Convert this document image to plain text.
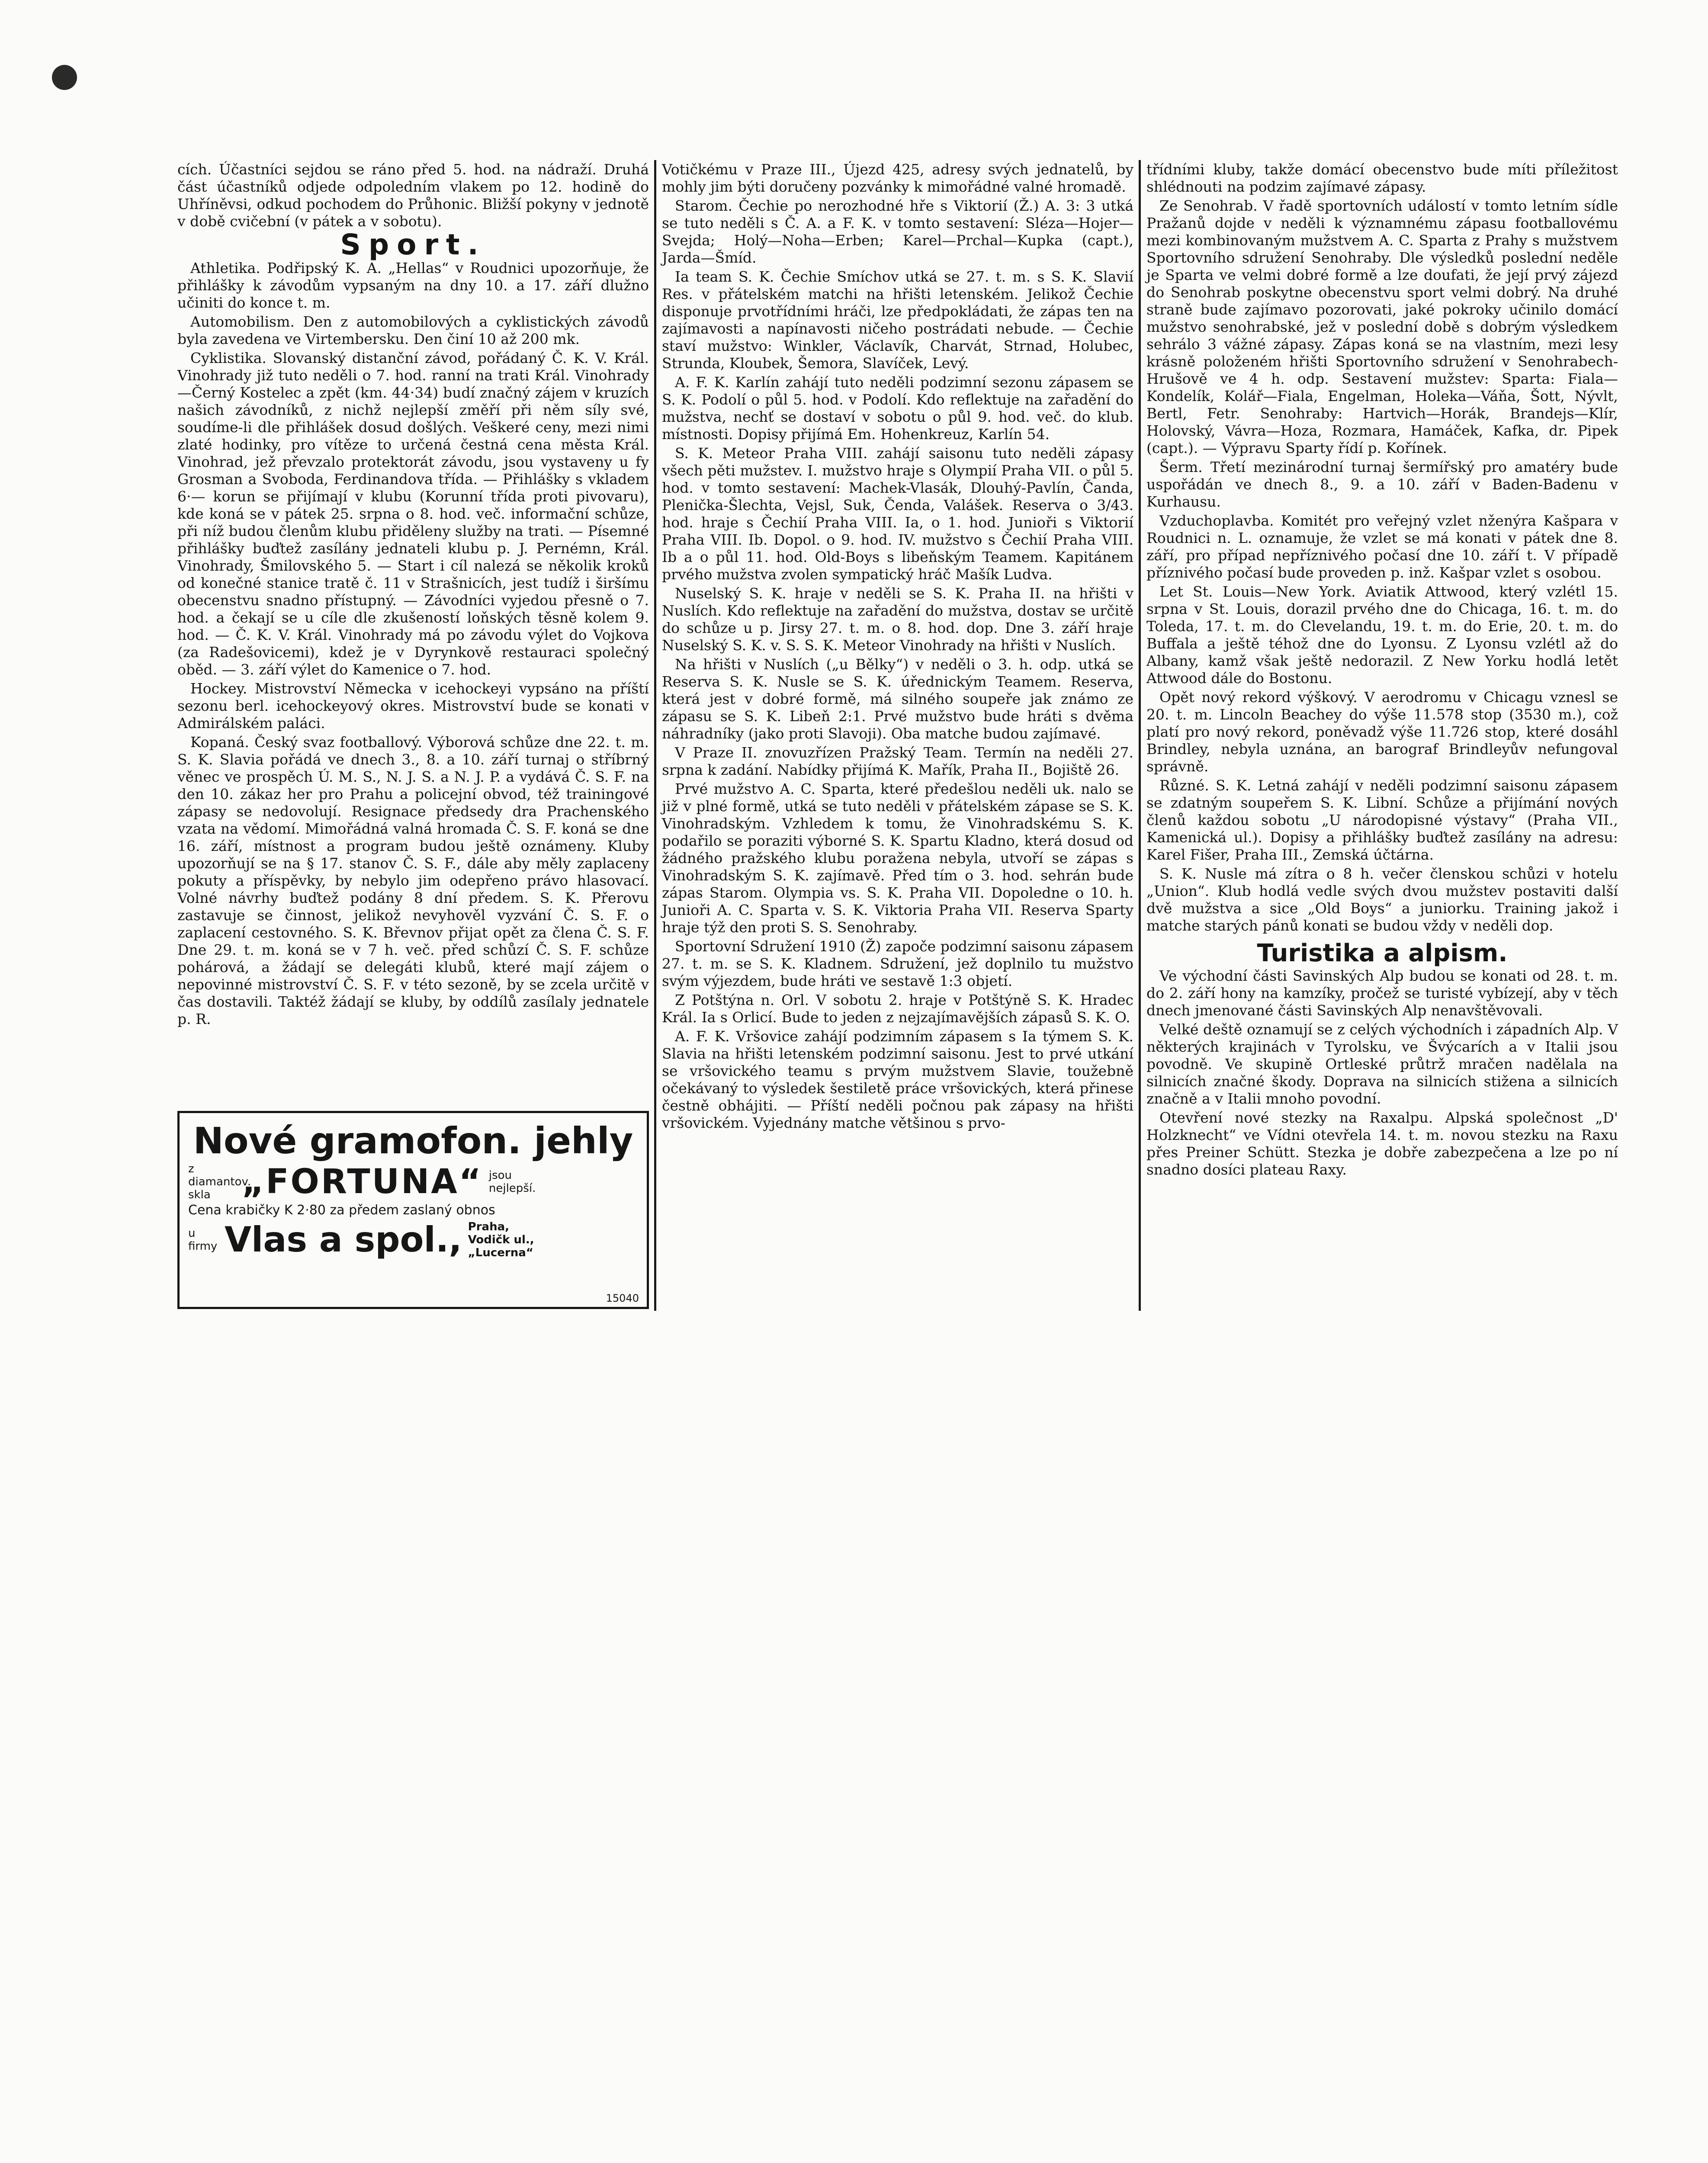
cích. Účastníci sejdou se ráno před 5. hod. na nádraží. Druhá část účastníků odjede odpoledním vlakem po 12. hodině do Uhříněvsi, odkud pochodem do Průhonic. Bližší pokyny v jednotě v době cvičební (v pátek a v sobotu).

Sport.

Athletika. Podřipský K. A. „Hellas“ v Roudnici upozorňuje, že přihlášky k závodům vypsaným na dny 10. a 17. září dlužno učiniti do konce t. m.

Automobilism. Den z automobilových a cyklistických závodů byla zavedena ve Virtembersku. Den činí 10 až 200 mk.

Cyklistika. Slovanský distanční závod, pořádaný Č. K. V. Král. Vinohrady již tuto neděli o 7. hod. ranní na trati Král. Vinohrady—Černý Kostelec a zpět (km. 44·34) budí značný zájem v kruzích našich závodníků, z nichž nejlepší změří při něm síly své, soudíme-li dle přihlášek dosud došlých. Veškeré ceny, mezi nimi zlaté hodinky, pro vítěze to určená čestná cena města Král. Vinohrad, jež převzalo protektorát závodu, jsou vystaveny u fy Grosman a Svoboda, Ferdinandova třída. — Přihlášky s vkladem 6·— korun se přijímají v klubu (Korunní třída proti pivovaru), kde koná se v pátek 25. srpna o 8. hod. več. informační schůze, při níž budou členům klubu přiděleny služby na trati. — Písemné přihlášky buďtež zasílány jednateli klubu p. J. Pernémn, Král. Vinohrady, Šmilovského 5. — Start i cíl nalezá se několik kroků od konečné stanice tratě č. 11 v Strašnicích, jest tudíž i širšímu obecenstvu snadno přístupný. — Závodníci vyjedou přesně o 7. hod. a čekají se u cíle dle zkušeností loňských těsně kolem 9. hod. — Č. K. V. Král. Vinohrady má po závodu výlet do Vojkova (za Radešovicemi), kdež je v Dyrynkově restauraci společný oběd. — 3. září výlet do Kamenice o 7. hod.

Hockey. Mistrovství Německa v icehockeyi vypsáno na příští sezonu berl. icehockeyový okres. Mistrovství bude se konati v Admirálském paláci.

Kopaná. Český svaz footballový. Výborová schůze dne 22. t. m. S. K. Slavia pořádá ve dnech 3., 8. a 10. září turnaj o stříbrný věnec ve prospěch Ú. M. S., N. J. S. a N. J. P. a vydává Č. S. F. na den 10. zákaz her pro Prahu a policejní obvod, též trainingové zápasy se nedovolují. Resignace předsedy dra Prachenského vzata na vědomí. Mimořádná valná hromada Č. S. F. koná se dne 16. září, místnost a program budou ještě oznámeny. Kluby upozorňují se na § 17. stanov Č. S. F., dále aby měly zaplaceny pokuty a příspěvky, by nebylo jim odepřeno právo hlasovací. Volné návrhy buďtež podány 8 dní předem. S. K. Přerovu zastavuje se činnost, jelikož nevyhověl vyzvání Č. S. F. o zaplacení cestovného. S. K. Břevnov přijat opět za člena Č. S. F. Dne 29. t. m. koná se v 7 h. več. před schůzí Č. S. F. schůze pohárová, a žádají se delegáti klubů, které mají zájem o nepovinné mistrovství Č. S. F. v této sezoně, by se zcela určitě v čas dostavili. Taktéž žádají se kluby, by oddílů zasílaly jednatele p. R.

Nové gramofon. jehly
z diamantov. skla „FORTUNA“ jsou nejlepší.
Cena krabičky K 2·80 za předem zaslaný obnos
u firmy Vlas a spol., Praha, Vodičk ul., „Lucerna“
15040

Votičkému v Praze III., Újezd 425, adresy svých jednatelů, by mohly jim býti doručeny pozvánky k mimořádné valné hromadě.

Starom. Čechie po nerozhodné hře s Viktorií (Ž.) A. 3: 3 utká se tuto neděli s Č. A. a F. K. v tomto sestavení: Sléza—Hojer—Svejda; Holý—Noha—Erben; Karel—Prchal—Kupka (capt.), Jarda—Šmíd.

Ia team S. K. Čechie Smíchov utká se 27. t. m. s S. K. Slavií Res. v přátelském matchi na hřišti letenském. Jelikož Čechie disponuje prvotřídními hráči, lze předpokládati, že zápas ten na zajímavosti a napínavosti ničeho postrádati nebude. — Čechie staví mužstvo: Winkler, Václavík, Charvát, Strnad, Holubec, Strunda, Kloubek, Šemora, Slavíček, Levý.

A. F. K. Karlín zahájí tuto neděli podzimní sezonu zápasem se S. K. Podolí o půl 5. hod. v Podolí. Kdo reflektuje na zařadění do mužstva, nechť se dostaví v sobotu o půl 9. hod. več. do klub. místnosti. Dopisy přijímá Em. Hohenkreuz, Karlín 54.

S. K. Meteor Praha VIII. zahájí saisonu tuto neděli zápasy všech pěti mužstev. I. mužstvo hraje s Olympií Praha VII. o půl 5. hod. v tomto sestavení: Machek-Vlasák, Dlouhý-Pavlín, Čanda, Plenička-Šlechta, Vejsl, Suk, Čenda, Valášek. Reserva o 3/43. hod. hraje s Čechií Praha VIII. Ia, o 1. hod. Junioři s Viktorií Praha VIII. Ib. Dopol. o 9. hod. IV. mužstvo s Čechií Praha VIII. Ib a o půl 11. hod. Old-Boys s libeňským Teamem. Kapitánem prvého mužstva zvolen sympatický hráč Mašík Ludva.

Nuselský S. K. hraje v neděli se S. K. Praha II. na hřišti v Nuslích. Kdo reflektuje na zařadění do mužstva, dostav se určitě do schůze u p. Jirsy 27. t. m. o 8. hod. dop. Dne 3. září hraje Nuselský S. K. v. S. S. K. Meteor Vinohrady na hřišti v Nuslích.

Na hřišti v Nuslích („u Bělky“) v neděli o 3. h. odp. utká se Reserva S. K. Nusle se S. K. úřednickým Teamem. Reserva, která jest v dobré formě, má silného soupeře jak známo ze zápasu se S. K. Libeň 2:1. Prvé mužstvo bude hráti s dvěma náhradníky (jako proti Slavoji). Oba matche budou zajímavé.

V Praze II. znovuzřízen Pražský Team. Termín na neděli 27. srpna k zadání. Nabídky přijímá K. Mařík, Praha II., Bojiště 26.

Prvé mužstvo A. C. Sparta, které předešlou neděli uk. nalo se již v plné formě, utká se tuto neděli v přátelském zápase se S. K. Vinohradským. Vzhledem k tomu, že Vinohradskému S. K. podařilo se poraziti výborné S. K. Spartu Kladno, která dosud od žádného pražského klubu poražena nebyla, utvoří se zápas s Vinohradským S. K. zajímavě. Před tím o 3. hod. sehrán bude zápas Starom. Olympia vs. S. K. Praha VII. Dopoledne o 10. h. Junioři A. C. Sparta v. S. K. Viktoria Praha VII. Reserva Sparty hraje týž den proti S. S. Senohraby.

Sportovní Sdružení 1910 (Ž) započe podzimní saisonu zápasem 27. t. m. se S. K. Kladnem. Sdružení, jež doplnilo tu mužstvo svým výjezdem, bude hráti ve sestavě 1:3 objetí.

Z Potštýna n. Orl. V sobotu 2. hraje v Potštýně S. K. Hradec Král. Ia s Orlicí. Bude to jeden z nejzajímavějších zápasů S. K. O.

A. F. K. Vršovice zahájí podzimním zápasem s Ia týmem S. K. Slavia na hřišti letenském podzimní saisonu. Jest to prvé utkání se vršovického teamu s prvým mužstvem Slavie, toužebně očekávaný to výsledek šestiletě práce vršovických, která přinese čestně obhájiti. — Příští neděli počnou pak zápasy na hřišti vršovickém. Vyjednány matche většinou s prvo-

třídními kluby, takže domácí obecenstvo bude míti příležitost shlédnouti na podzim zajímavé zápasy.

Ze Senohrab. V řadě sportovních událostí v tomto letním sídle Pražanů dojde v neděli k významnému zápasu footballovému mezi kombinovaným mužstvem A. C. Sparta z Prahy s mužstvem Sportovního sdružení Senohraby. Dle výsledků poslední neděle je Sparta ve velmi dobré formě a lze doufati, že její prvý zájezd do Senohrab poskytne obecenstvu sport velmi dobrý. Na druhé straně bude zajímavo pozorovati, jaké pokroky učinilo domácí mužstvo senohrabské, jež v poslední době s dobrým výsledkem sehrálo 3 vážné zápasy. Zápas koná se na vlastním, mezi lesy krásně položeném hřišti Sportovního sdružení v Senohrabech-Hrušově ve 4 h. odp. Sestavení mužstev: Sparta: Fiala—Kondelík, Kolář—Fiala, Engelman, Holeka—Váňa, Šott, Nývlt, Bertl, Fetr. Senohraby: Hartvich—Horák, Brandejs—Klír, Holovský, Vávra—Hoza, Rozmara, Hamáček, Kafka, dr. Pipek (capt.). — Výpravu Sparty řídí p. Kořínek.

Šerm. Třetí mezinárodní turnaj šermířský pro amatéry bude uspořádán ve dnech 8., 9. a 10. září v Baden-Badenu v Kurhausu.

Vzduchoplavba. Komitét pro veřejný vzlet nženýra Kašpara v Roudnici n. L. oznamuje, že vzlet se má konati v pátek dne 8. září, pro případ nepříznivého počasí dne 10. září t. V případě příznivého počasí bude proveden p. inž. Kašpar vzlet s osobou.

Let St. Louis—New York. Aviatik Attwood, který vzlétl 15. srpna v St. Louis, dorazil prvého dne do Chicaga, 16. t. m. do Toleda, 17. t. m. do Clevelandu, 19. t. m. do Erie, 20. t. m. do Buffala a ještě téhož dne do Lyonsu. Z Lyonsu vzlétl až do Albany, kamž však ještě nedorazil. Z New Yorku hodlá letět Attwood dále do Bostonu.

Opět nový rekord výškový. V aerodromu v Chicagu vznesl se 20. t. m. Lincoln Beachey do výše 11.578 stop (3530 m.), což platí pro nový rekord, poněvadž výše 11.726 stop, které dosáhl Brindley, nebyla uznána, an barograf Brindleyův nefungoval správně.

Různé. S. K. Letná zahájí v neděli podzimní saisonu zápasem se zdatným soupeřem S. K. Libní. Schůze a přijímání nových členů každou sobotu „U národopisné výstavy“ (Praha VII., Kamenická ul.). Dopisy a přihlášky buďtež zasílány na adresu: Karel Fišer, Praha III., Zemská účtárna.

S. K. Nusle má zítra o 8 h. večer členskou schůzi v hotelu „Union“. Klub hodlá vedle svých dvou mužstev postaviti další dvě mužstva a sice „Old Boys“ a juniorku. Training jakož i matche starých pánů konati se budou vždy v neděli dop.

Turistika a alpism.

Ve východní části Savinských Alp budou se konati od 28. t. m. do 2. září hony na kamzíky, pročež se turisté vybízejí, aby v těch dnech jmenované části Savinských Alp nenavštěvovali.

Velké deště oznamují se z celých východních i západních Alp. V některých krajinách v Tyrolsku, ve Švýcarích a v Italii jsou povodně. Ve skupině Ortleské průtrž mračen nadělala na silnicích značné škody. Doprava na silnicích stižena a silnicích značně a v Italii mnoho povodní.

Otevření nové stezky na Raxalpu. Alpská společnost „D' Holzknecht“ ve Vídni otevřela 14. t. m. novou stezku na Raxu přes Preiner Schütt. Stezka je dobře zabezpečena a lze po ní snadno dosíci plateau Raxy.
